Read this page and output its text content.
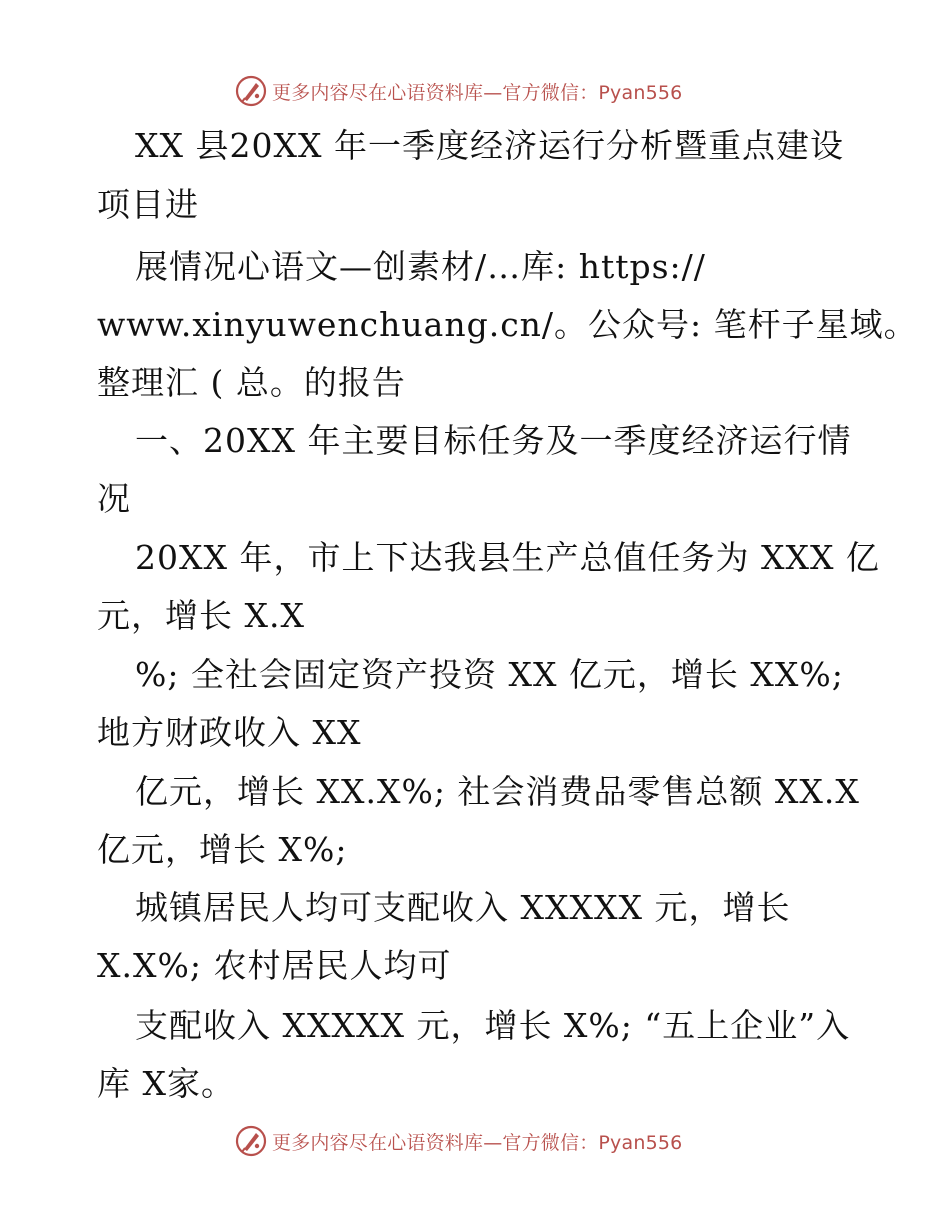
更多内容尽在心语资料库—官方微信：Pyan556
XX 县20XX 年一季度经济运行分析暨重点建设
项目进
展情况心语文—创素材/…库: https://
www.xinyuwenchuang.cn/。公众号: 笔杆子星域。
整理汇 ( 总。的报告
一、20XX 年主要目标任务及一季度经济运行情
况
20XX 年，市上下达我县生产总值任务为 XXX 亿
元，增长 X.X
%; 全社会固定资产投资 XX 亿元，增长 XX%;
地方财政收入 XX
亿元，增长 XX.X%; 社会消费品零售总额 XX.X
亿元，增长 X%;
城镇居民人均可支配收入 XXXXX 元，增长
X.X%; 农村居民人均可
支配收入 XXXXX 元，增长 X%; “五上企业”入
库 X家。
更多内容尽在心语资料库—官方微信：Pyan556
